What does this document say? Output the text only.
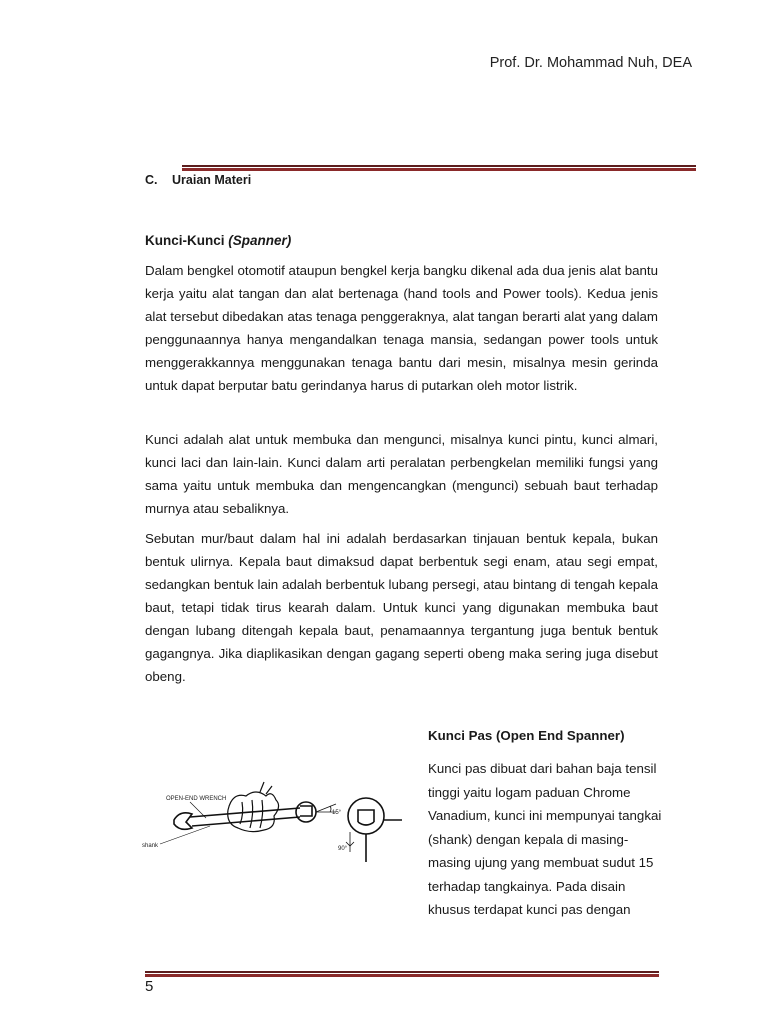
Prof. Dr. Mohammad Nuh, DEA
C. Uraian Materi
Kunci-Kunci (Spanner)

Dalam bengkel otomotif ataupun bengkel kerja bangku dikenal ada dua jenis alat bantu kerja yaitu alat tangan dan alat bertenaga (hand tools and Power tools). Kedua jenis alat tersebut dibedakan atas tenaga penggeraknya, alat tangan berarti alat yang dalam penggunaannya hanya mengandalkan tenaga mansia, sedangan power tools untuk menggerakkannya menggunakan tenaga bantu dari mesin, misalnya mesin gerinda untuk dapat berputar batu gerindanya harus di putarkan oleh motor listrik.

Kunci adalah alat untuk membuka dan mengunci, misalnya kunci pintu, kunci almari, kunci laci dan lain-lain. Kunci dalam arti peralatan perbengkelan memiliki fungsi yang sama yaitu untuk membuka dan mengencangkan (mengunci) sebuah baut terhadap murnya atau sebaliknya.

Sebutan mur/baut dalam hal ini adalah berdasarkan tinjauan bentuk kepala, bukan bentuk ulirnya. Kepala baut dimaksud dapat berbentuk segi enam, atau segi empat, sedangkan bentuk lain adalah berbentuk lubang persegi, atau bintang di tengah kepala baut, tetapi tidak tirus kearah dalam. Untuk kunci yang digunakan membuka baut dengan lubang ditengah kepala baut, penamaannya tergantung juga bentuk bentuk gagangnya. Jika diaplikasikan dengan gagang seperti obeng maka sering juga disebut obeng.

15°
90°
OPEN-END WRENCH
shank
Kunci Pas (Open End Spanner)

Kunci pas dibuat dari bahan baja tensil tinggi yaitu logam paduan Chrome Vanadium, kunci ini mempunyai tangkai (shank) dengan kepala di masing-masing ujung yang membuat sudut 15 terhadap tangkainya. Pada disain khusus terdapat kunci pas dengan

5
